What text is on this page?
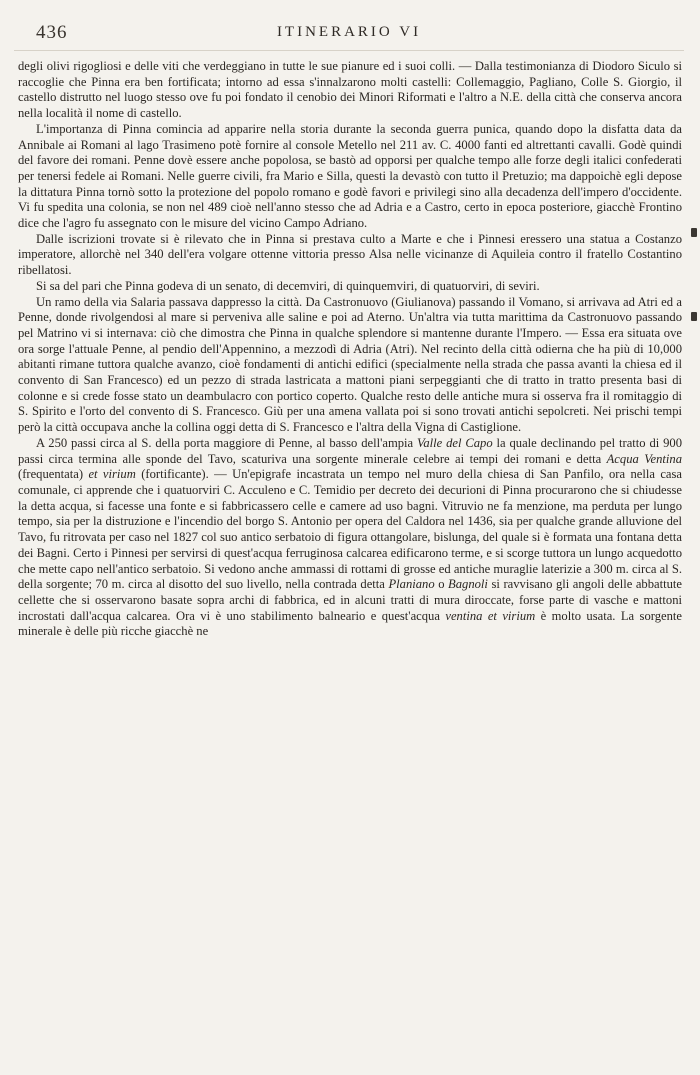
436	ITINERARIO VI

degli olivi rigogliosi e delle viti che verdeggiano in tutte le sue pianure ed i suoi colli. — Dalla testimonianza di Diodoro Siculo si raccoglie che Pinna era ben fortificata; intorno ad essa s'innalzarono molti castelli: Collemaggio, Pagliano, Colle S. Giorgio, il castello distrutto nel luogo stesso ove fu poi fondato il cenobio dei Minori Riformati e l'altro a N.E. della città che conserva ancora nella località il nome di castello.

L'importanza di Pinna comincia ad apparire nella storia durante la seconda guerra punica, quando dopo la disfatta data da Annibale ai Romani al lago Trasimeno potè fornire al console Metello nel 211 av. C. 4000 fanti ed altrettanti cavalli. Godè quindi del favore dei romani. Penne dovè essere anche popolosa, se bastò ad opporsi per qualche tempo alle forze degli italici confederati per tenersi fedele ai Romani. Nelle guerre civili, fra Mario e Silla, questi la devastò con tutto il Pretuzio; ma dappoichè egli depose la dittatura Pinna tornò sotto la protezione del popolo romano e godè favori e privilegi sino alla decadenza dell'impero d'occidente. Vi fu spedita una colonia, se non nel 489 cioè nell'anno stesso che ad Adria e a Castro, certo in epoca posteriore, giacchè Frontino dice che l'agro fu assegnato con le misure del vicino Campo Adriano.

Dalle iscrizioni trovate si è rilevato che in Pinna si prestava culto a Marte e che i Pinnesi eressero una statua a Costanzo imperatore, allorchè nel 340 dell'era volgare ottenne vittoria presso Alsa nelle vicinanze di Aquileia contro il fratello Costantino ribellatosi.

Si sa del pari che Pinna godeva di un senato, di decemviri, di quinquemviri, di quatuorviri, di seviri.

Un ramo della via Salaria passava dappresso la città. Da Castronuovo (Giulianova) passando il Vomano, si arrivava ad Atri ed a Penne, donde rivolgendosi al mare si perveniva alle saline e poi ad Aterno. Un'altra via tutta marittima da Castronuovo passando pel Matrino vi si internava: ciò che dimostra che Pinna in qualche splendore si mantenne durante l'Impero. — Essa era situata ove ora sorge l'attuale Penne, al pendio dell'Appennino, a mezzodì di Adria (Atri). Nel recinto della città odierna che ha più di 10,000 abitanti rimane tuttora qualche avanzo, cioè fondamenti di antichi edifici (specialmente nella strada che passa avanti la chiesa ed il convento di San Francesco) ed un pezzo di strada lastricata a mattoni piani serpeggianti che di tratto in tratto presenta basi di colonne e si crede fosse stato un deambulacro con portico coperto. Qualche resto delle antiche mura si osserva fra il romitaggio di S. Spirito e l'orto del convento di S. Francesco. Giù per una amena vallata poi si sono trovati antichi sepolcreti. Nei prischi tempi però la città occupava anche la collina oggi detta di S. Francesco e l'altra della Vigna di Castiglione.

A 250 passi circa al S. della porta maggiore di Penne, al basso dell'ampia Valle del Capo la quale declinando pel tratto di 900 passi circa termina alle sponde del Tavo, scaturiva una sorgente minerale celebre ai tempi dei romani e detta Acqua Ventina (frequentata) et virium (fortificante). — Un'epigrafe incastrata un tempo nel muro della chiesa di San Panfilo, ora nella casa comunale, ci apprende che i quatuorviri C. Acculeno e C. Temidio per decreto dei decurioni di Pinna procurarono che si chiudesse la detta acqua, si facesse una fonte e si fabbricassero celle e camere ad uso bagni. Vitruvio ne fa menzione, ma perduta per lungo tempo, sia per la distruzione e l'incendio del borgo S. Antonio per opera del Caldora nel 1436, sia per qualche grande alluvione del Tavo, fu ritrovata per caso nel 1827 col suo antico serbatoio di figura ottangolare, bislunga, del quale si è formata una fontana detta dei Bagni. Certo i Pinnesi per servirsi di quest'acqua ferruginosa calcarea edificarono terme, e si scorge tuttora un lungo acquedotto che mette capo nell'antico serbatoio. Si vedono anche ammassi di rottami di grosse ed antiche muraglie laterizie a 300 m. circa al S. della sorgente; 70 m. circa al disotto del suo livello, nella contrada detta Planiano o Bagnoli si ravvisano gli angoli delle abbattute cellette che si osservarono basate sopra archi di fabbrica, ed in alcuni tratti di mura diroccate, forse parte di vasche e mattoni incrostati dall'acqua calcarea. Ora vi è uno stabilimento balneario e quest'acqua ventina et virium è molto usata. La sorgente minerale è delle più ricche giacchè ne
